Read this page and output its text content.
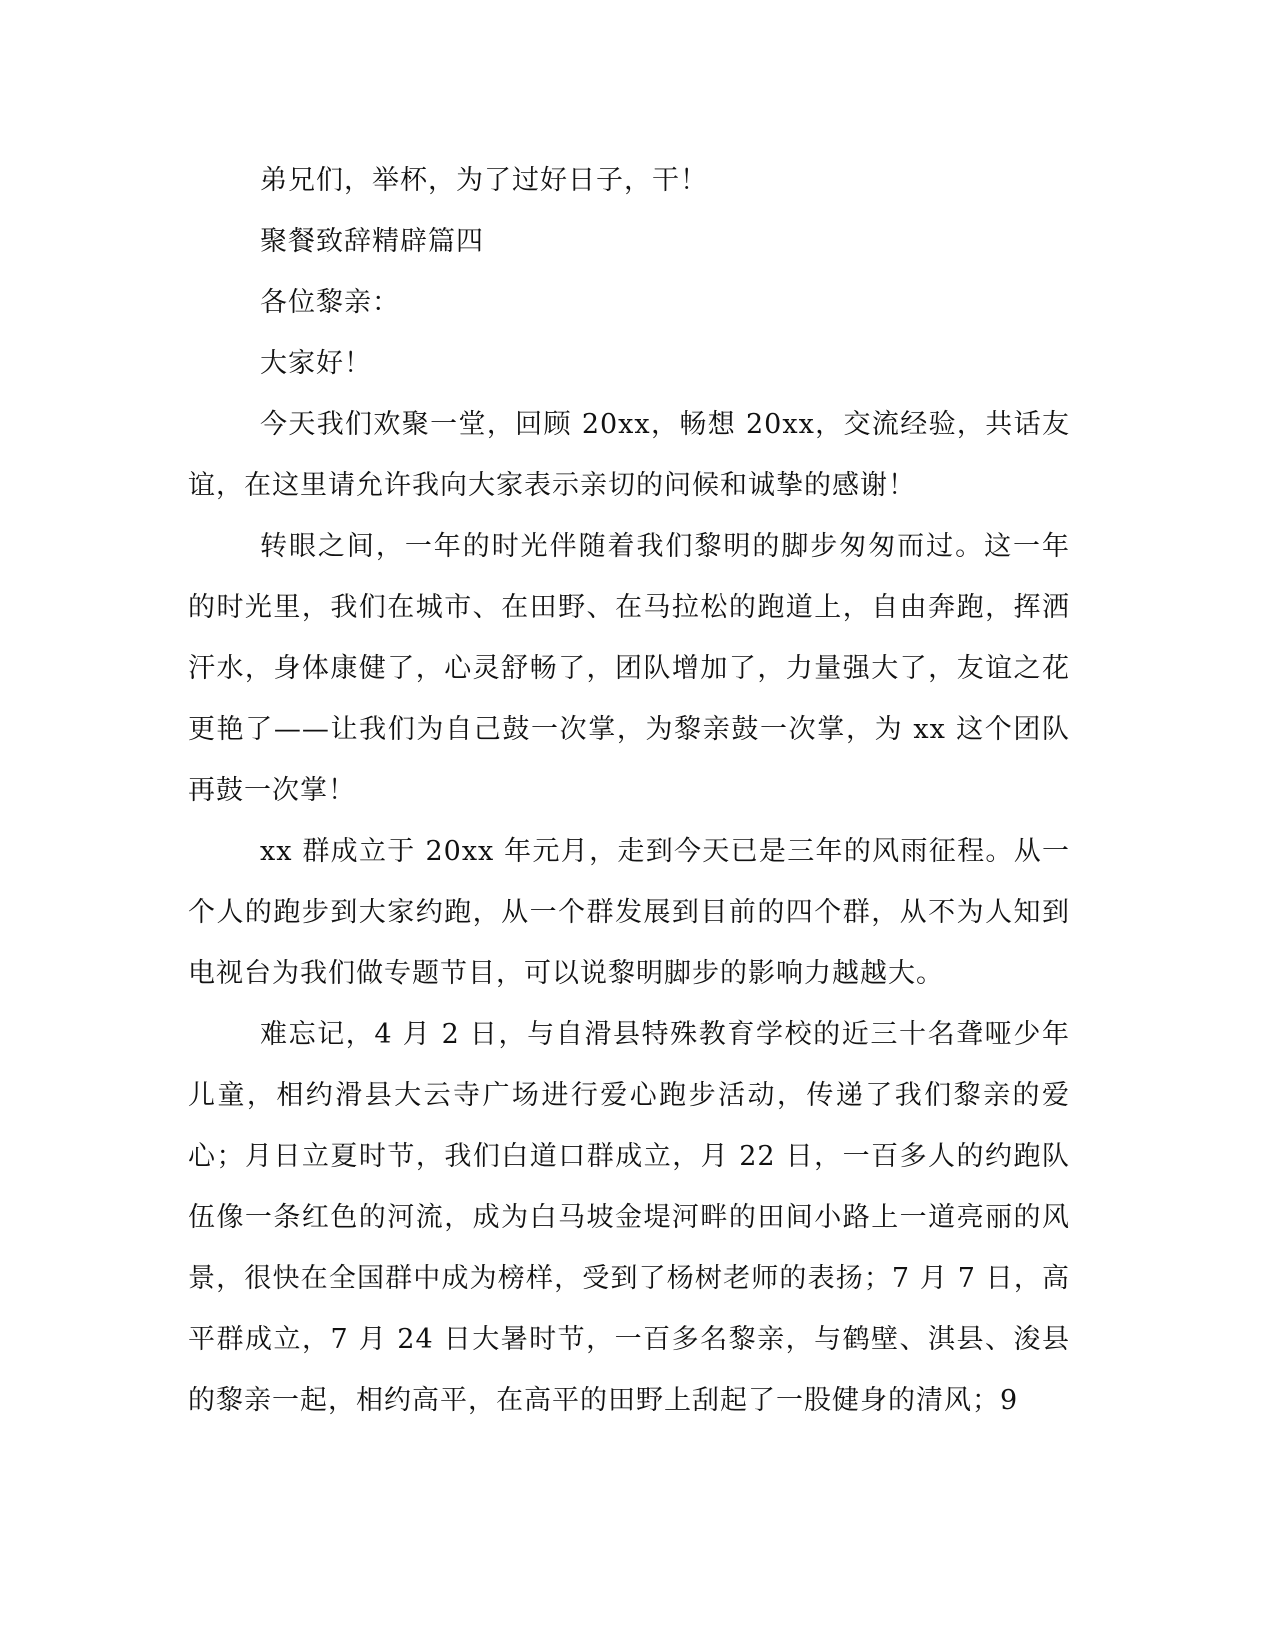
弟兄们，举杯，为了过好日子，干！

聚餐致辞精辟篇四

各位黎亲：

大家好！

今天我们欢聚一堂，回顾 20xx，畅想 20xx，交流经验，共话友谊，在这里请允许我向大家表示亲切的问候和诚挚的感谢！

转眼之间，一年的时光伴随着我们黎明的脚步匆匆而过。这一年的时光里，我们在城市、在田野、在马拉松的跑道上，自由奔跑，挥洒汗水，身体康健了，心灵舒畅了，团队增加了，力量强大了，友谊之花更艳了——让我们为自己鼓一次掌，为黎亲鼓一次掌，为 xx 这个团队再鼓一次掌！

xx 群成立于 20xx 年元月，走到今天已是三年的风雨征程。从一个人的跑步到大家约跑，从一个群发展到目前的四个群，从不为人知到电视台为我们做专题节目，可以说黎明脚步的影响力越越大。

难忘记，4 月 2 日，与自滑县特殊教育学校的近三十名聋哑少年儿童，相约滑县大云寺广场进行爱心跑步活动，传递了我们黎亲的爱心；月日立夏时节，我们白道口群成立，月 22 日，一百多人的约跑队伍像一条红色的河流，成为白马坡金堤河畔的田间小路上一道亮丽的风景，很快在全国群中成为榜样，受到了杨树老师的表扬；7 月 7 日，高平群成立，7 月 24 日大暑时节，一百多名黎亲，与鹤壁、淇县、浚县的黎亲一起，相约高平，在高平的田野上刮起了一股健身的清风；9
